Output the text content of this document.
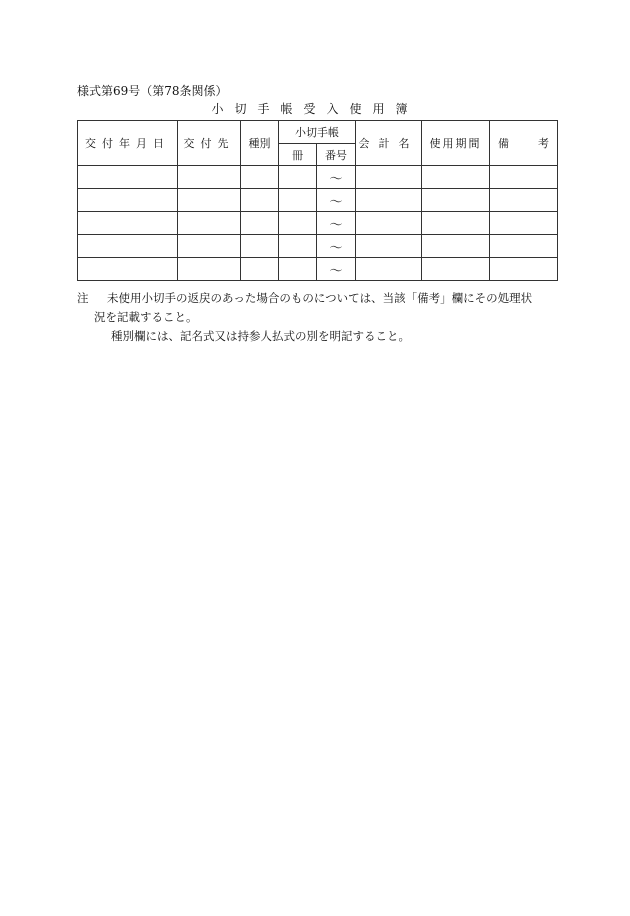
様式第69号（第78条関係）
小切手帳受入使用簿
交付年月日	交付先	種別	小切手帳		会計名	使用期間	備 考

			冊	番号			
				～			
				～			
				～			
				～			
				～			
注 未使用小切手の返戻のあった場合のものについては、当該「備考」欄にその処理状
況を記載すること。
種別欄には、記名式又は持参人払式の別を明記すること。
